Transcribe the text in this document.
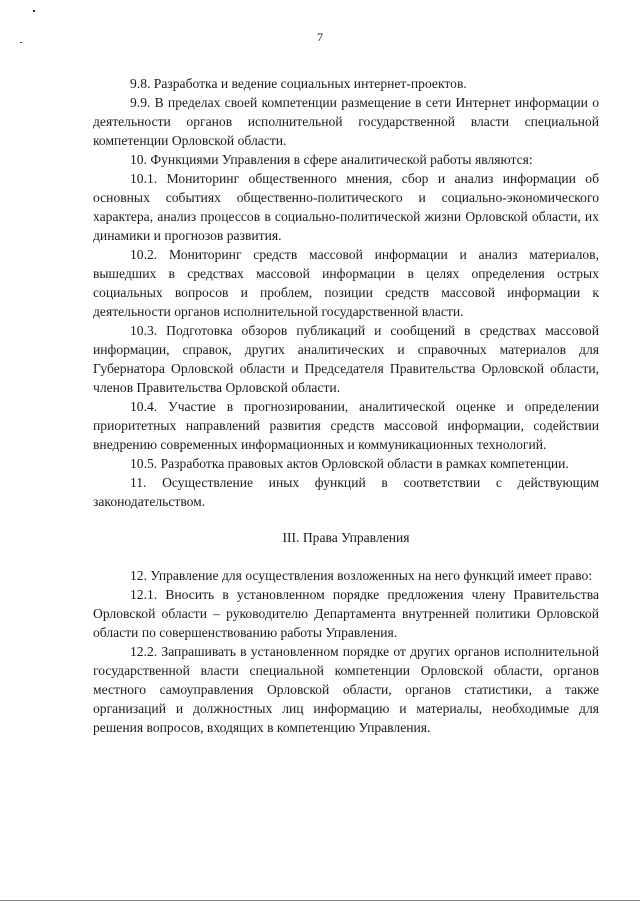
7

9.8. Разработка и ведение социальных интернет-проектов.

9.9. В пределах своей компетенции размещение в сети Интернет информации о деятельности органов исполнительной государственной власти специальной компетенции Орловской области.

10. Функциями Управления в сфере аналитической работы являются:

10.1. Мониторинг общественного мнения, сбор и анализ информации об основных событиях общественно-политического и социально-экономического характера, анализ процессов в социально-политической жизни Орловской области, их динамики и прогнозов развития.

10.2. Мониторинг средств массовой информации и анализ материалов, вышедших в средствах массовой информации в целях определения острых социальных вопросов и проблем, позиции средств массовой информации к деятельности органов исполнительной государственной власти.

10.3. Подготовка обзоров публикаций и сообщений в средствах массовой информации, справок, других аналитических и справочных материалов для Губернатора Орловской области и Председателя Правительства Орловской области, членов Правительства Орловской области.

10.4. Участие в прогнозировании, аналитической оценке и определении приоритетных направлений развития средств массовой информации, содействии внедрению современных информационных и коммуникационных технологий.

10.5. Разработка правовых актов Орловской области в рамках компетенции.

11. Осуществление иных функций в соответствии с действующим законодательством.

III. Права Управления

12. Управление для осуществления возложенных на него функций имеет право:

12.1. Вносить в установленном порядке предложения члену Правительства Орловской области – руководителю Департамента внутренней политики Орловской области по совершенствованию работы Управления.

12.2. Запрашивать в установленном порядке от других органов исполнительной государственной власти специальной компетенции Орловской области, органов местного самоуправления Орловской области, органов статистики, а также организаций и должностных лиц информацию и материалы, необходимые для решения вопросов, входящих в компетенцию Управления.
